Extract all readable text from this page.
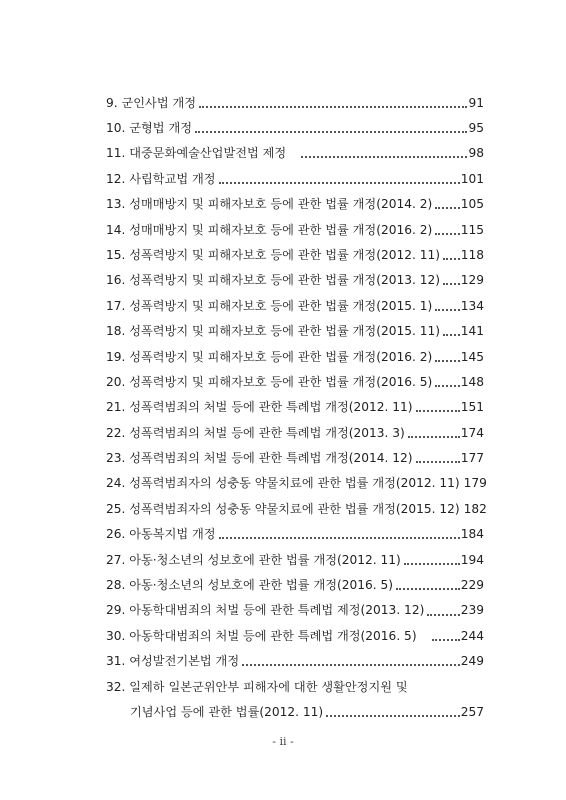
9. 군인사법 개정	91
10. 군형법 개정	95
11. 대중문화예술산업발전법 제정	98
12. 사립학교법 개정	101
13. 성매매방지 및 피해자보호 등에 관한 법률 개정(2014. 2) 105
14. 성매매방지 및 피해자보호 등에 관한 법률 개정(2016. 2) 115
15. 성폭력방지 및 피해자보호 등에 관한 법률 개정(2012. 11) 118
16. 성폭력방지 및 피해자보호 등에 관한 법률 개정(2013. 12) 129
17. 성폭력방지 및 피해자보호 등에 관한 법률 개정(2015. 1) 134
18. 성폭력방지 및 피해자보호 등에 관한 법률 개정(2015. 11) 141
19. 성폭력방지 및 피해자보호 등에 관한 법률 개정(2016. 2) 145
20. 성폭력방지 및 피해자보호 등에 관한 법률 개정(2016. 5) 148
21. 성폭력범죄의 처벌 등에 관한 특례법 개정(2012. 11)	151
22. 성폭력범죄의 처벌 등에 관한 특례법 개정(2013. 3)	174
23. 성폭력범죄의 처벌 등에 관한 특례법 개정(2014. 12)	177
24. 성폭력범죄자의 성충동 약물치료에 관한 법률 개정(2012. 11) 179
25. 성폭력범죄자의 성충동 약물치료에 관한 법률 개정(2015. 12) 182
26. 아동복지법 개정	184
27. 아동·청소년의 성보호에 관한 법률 개정(2012. 11)	194
28. 아동·청소년의 성보호에 관한 법률 개정(2016. 5)	229
29. 아동학대범죄의 처벌 등에 관한 특례법 제정(2013. 12)	239
30. 아동학대범죄의 처벌 등에 관한 특례법 개정(2016. 5)	244
31. 여성발전기본법 개정	249
32. 일제하 일본군위안부 피해자에 대한 생활안정지원 및
기념사업 등에 관한 법률(2012. 11)	257
- ii -
